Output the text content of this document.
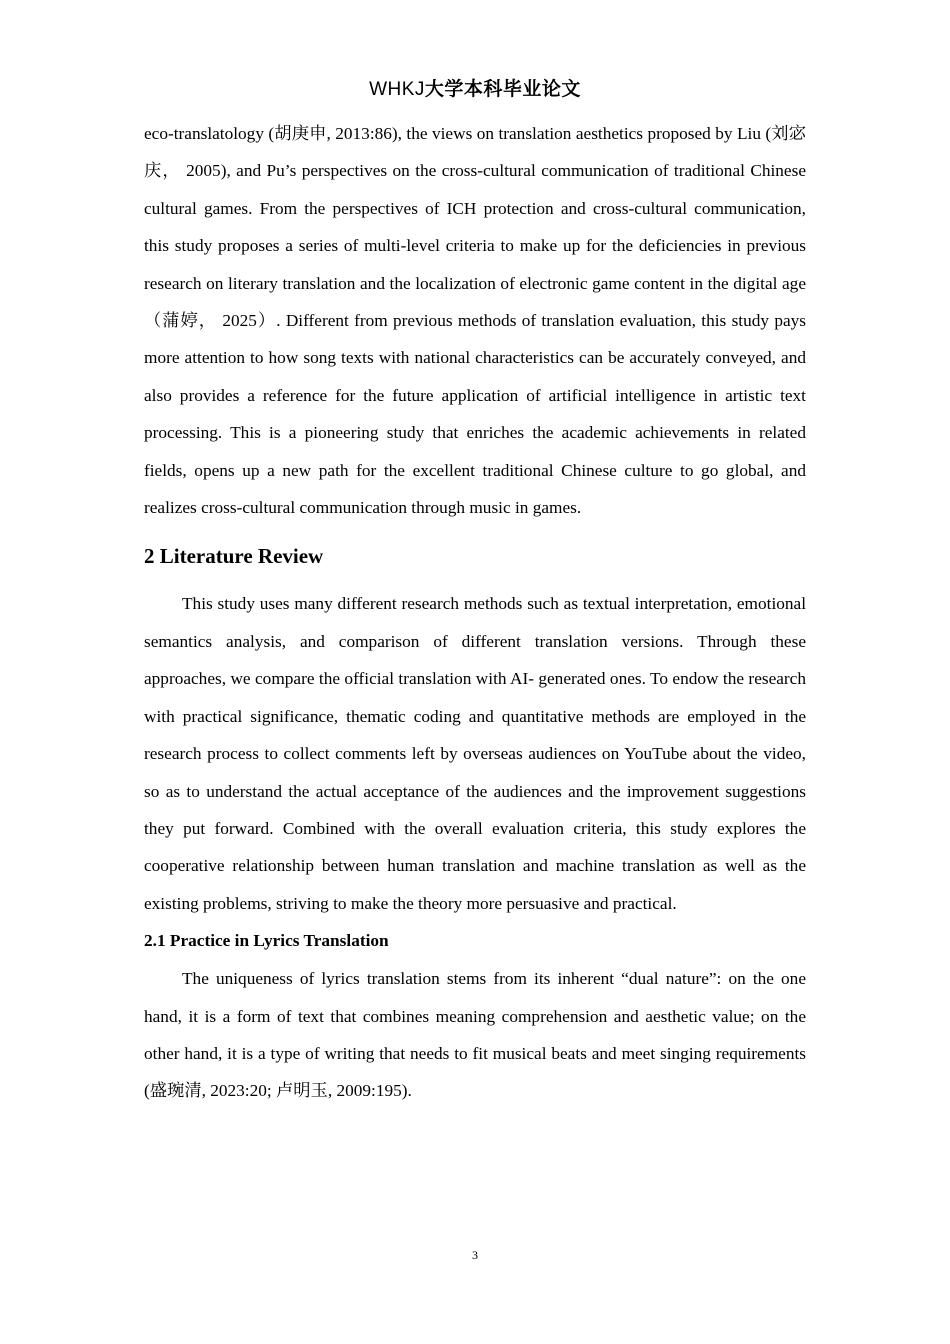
WHKJ大学本科毕业论文

eco-translatology (胡庚申, 2013:86), the views on translation aesthetics proposed by Liu (刘宓庆， 2005), and Pu’s perspectives on the cross-cultural communication of traditional Chinese cultural games. From the perspectives of ICH protection and cross-cultural communication, this study proposes a series of multi-level criteria to make up for the deficiencies in previous research on literary translation and the localization of electronic game content in the digital age （蒲婷， 2025）. Different from previous methods of translation evaluation, this study pays more attention to how song texts with national characteristics can be accurately conveyed, and also provides a reference for the future application of artificial intelligence in artistic text processing. This is a pioneering study that enriches the academic achievements in related fields, opens up a new path for the excellent traditional Chinese culture to go global, and realizes cross-cultural communication through music in games.

2 Literature Review

This study uses many different research methods such as textual interpretation, emotional semantics analysis, and comparison of different translation versions. Through these approaches, we compare the official translation with AI- generated ones. To endow the research with practical significance, thematic coding and quantitative methods are employed in the research process to collect comments left by overseas audiences on YouTube about the video, so as to understand the actual acceptance of the audiences and the improvement suggestions they put forward. Combined with the overall evaluation criteria, this study explores the cooperative relationship between human translation and machine translation as well as the existing problems, striving to make the theory more persuasive and practical.

2.1 Practice in Lyrics Translation

The uniqueness of lyrics translation stems from its inherent “dual nature”: on the one hand, it is a form of text that combines meaning comprehension and aesthetic value; on the other hand, it is a type of writing that needs to fit musical beats and meet singing requirements (盛琬清, 2023:20; 卢明玉, 2009:195).

3
